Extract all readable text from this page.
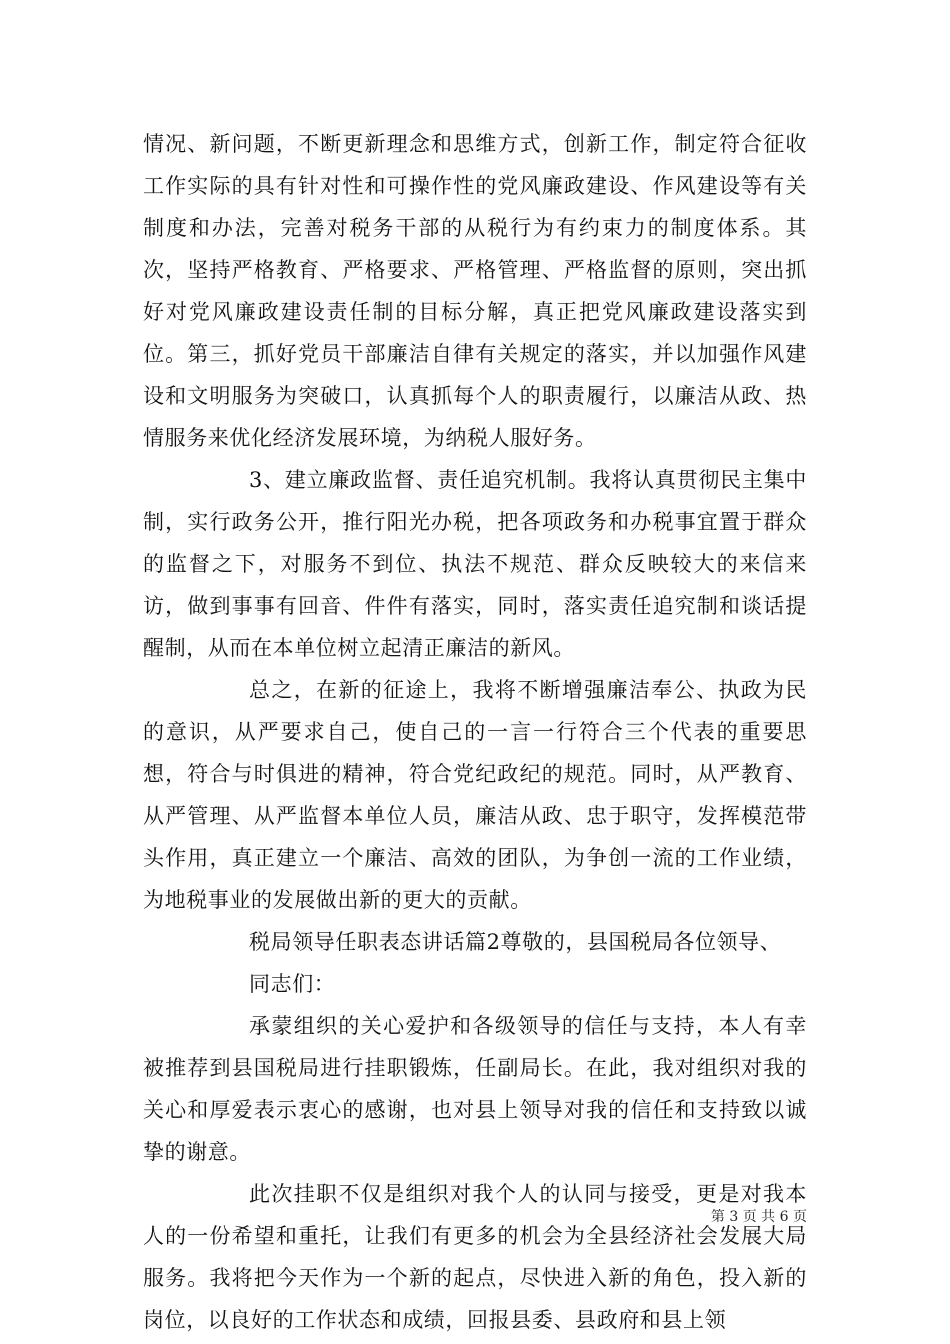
情况、新问题，不断更新理念和思维方式，创新工作，制定符合征收工作实际的具有针对性和可操作性的党风廉政建设、作风建设等有关制度和办法，完善对税务干部的从税行为有约束力的制度体系。其次，坚持严格教育、严格要求、严格管理、严格监督的原则，突出抓好对党风廉政建设责任制的目标分解，真正把党风廉政建设落实到位。第三，抓好党员干部廉洁自律有关规定的落实，并以加强作风建设和文明服务为突破口，认真抓每个人的职责履行，以廉洁从政、热情服务来优化经济发展环境，为纳税人服好务。

3、建立廉政监督、责任追究机制。我将认真贯彻民主集中制，实行政务公开，推行阳光办税，把各项政务和办税事宜置于群众的监督之下，对服务不到位、执法不规范、群众反映较大的来信来访，做到事事有回音、件件有落实，同时，落实责任追究制和谈话提醒制，从而在本单位树立起清正廉洁的新风。

总之，在新的征途上，我将不断增强廉洁奉公、执政为民的意识，从严要求自己，使自己的一言一行符合三个代表的重要思想，符合与时俱进的精神，符合党纪政纪的规范。同时，从严教育、从严管理、从严监督本单位人员，廉洁从政、忠于职守，发挥模范带头作用，真正建立一个廉洁、高效的团队，为争创一流的工作业绩，为地税事业的发展做出新的更大的贡献。

税局领导任职表态讲话篇2尊敬的，县国税局各位领导、

同志们：

承蒙组织的关心爱护和各级领导的信任与支持，本人有幸被推荐到县国税局进行挂职锻炼，任副局长。在此，我对组织对我的关心和厚爱表示衷心的感谢，也对县上领导对我的信任和支持致以诚挚的谢意。

此次挂职不仅是组织对我个人的认同与接受，更是对我本人的一份希望和重托，让我们有更多的机会为全县经济社会发展大局服务。我将把今天作为一个新的起点，尽快进入新的角色，投入新的岗位，以良好的工作状态和成绩，回报县委、县政府和县上领

第 3 页 共 6 页
